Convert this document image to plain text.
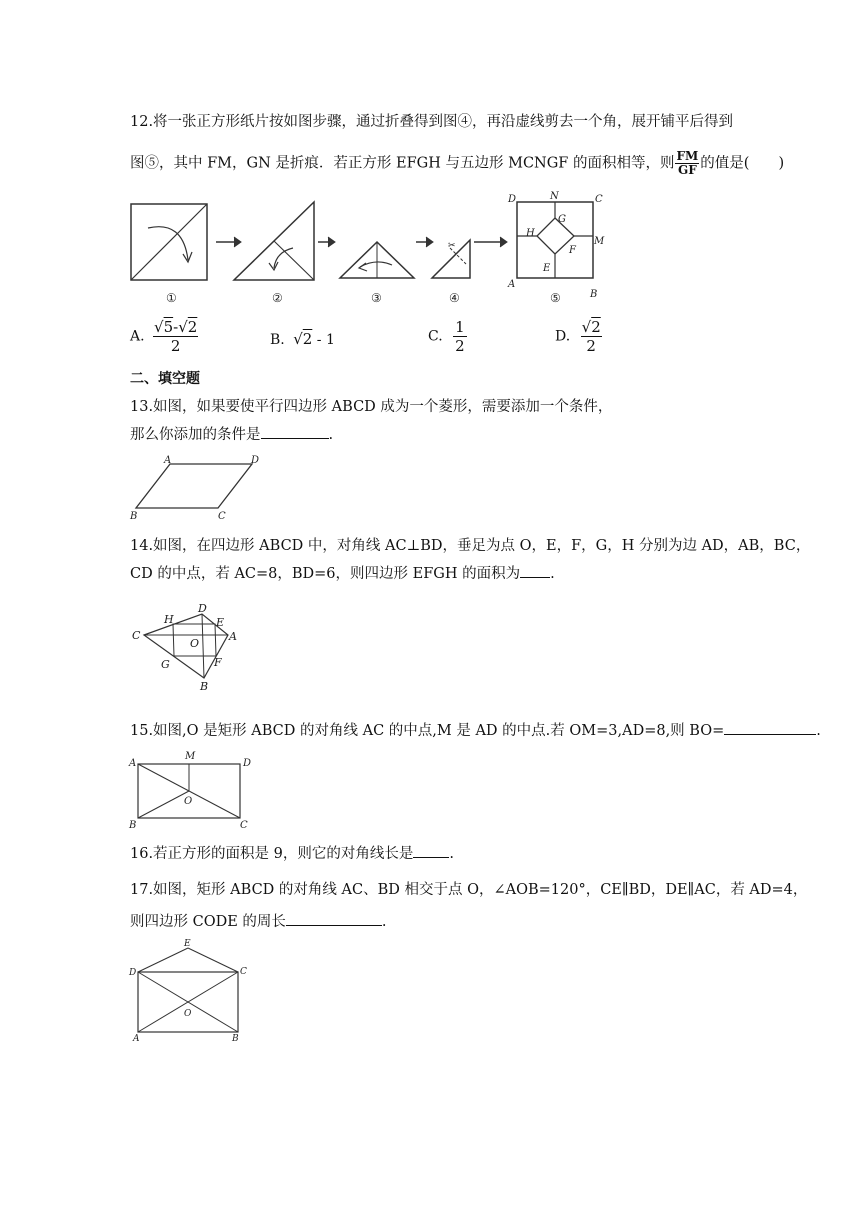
12.将一张正方形纸片按如图步骤，通过折叠得到图④，再沿虚线剪去一个角，展开铺平后得到
图⑤，其中 FM，GN 是折痕．若正方形 EFGH 与五边形 MCNGF 的面积相等，则 $\frac{FM}{GF}$ 的值是(　　)
✂
①	②	③	④	⑤
D	N	C
G
H
M
F
E
A
B
A. $\frac{√5-√2}{2}$	B. √2 - 1	C. $\frac{1}{2}$	D. $\frac{√2}{2}$
二、填空题
13.如图，如果要使平行四边形 ABCD 成为一个菱形，需要添加一个条件，
那么你添加的条件是	.
A	D
B	C
14.如图，在四边形 ABCD 中，对角线 AC⊥BD，垂足为点 O，E，F，G，H 分别为边 AD，AB，BC，
CD 的中点，若 AC=8，BD=6，则四边形 EFGH 的面积为 .
H
D
E
C
O
A
G	F
B
15.如图,O 是矩形 ABCD 的对角线 AC 的中点,M 是 AD 的中点.若 OM=3,AD=8,则 BO=	.
A
M
D
O
B	C
16.若正方形的面积是 9，则它的对角线长是 .
17.如图，矩形 ABCD 的对角线 AC、BD 相交于点 O，∠AOB=120°，CE∥BD，DE∥AC，若 AD=4，
则四边形 CODE 的周长	.
E
D	C
O
A	B
